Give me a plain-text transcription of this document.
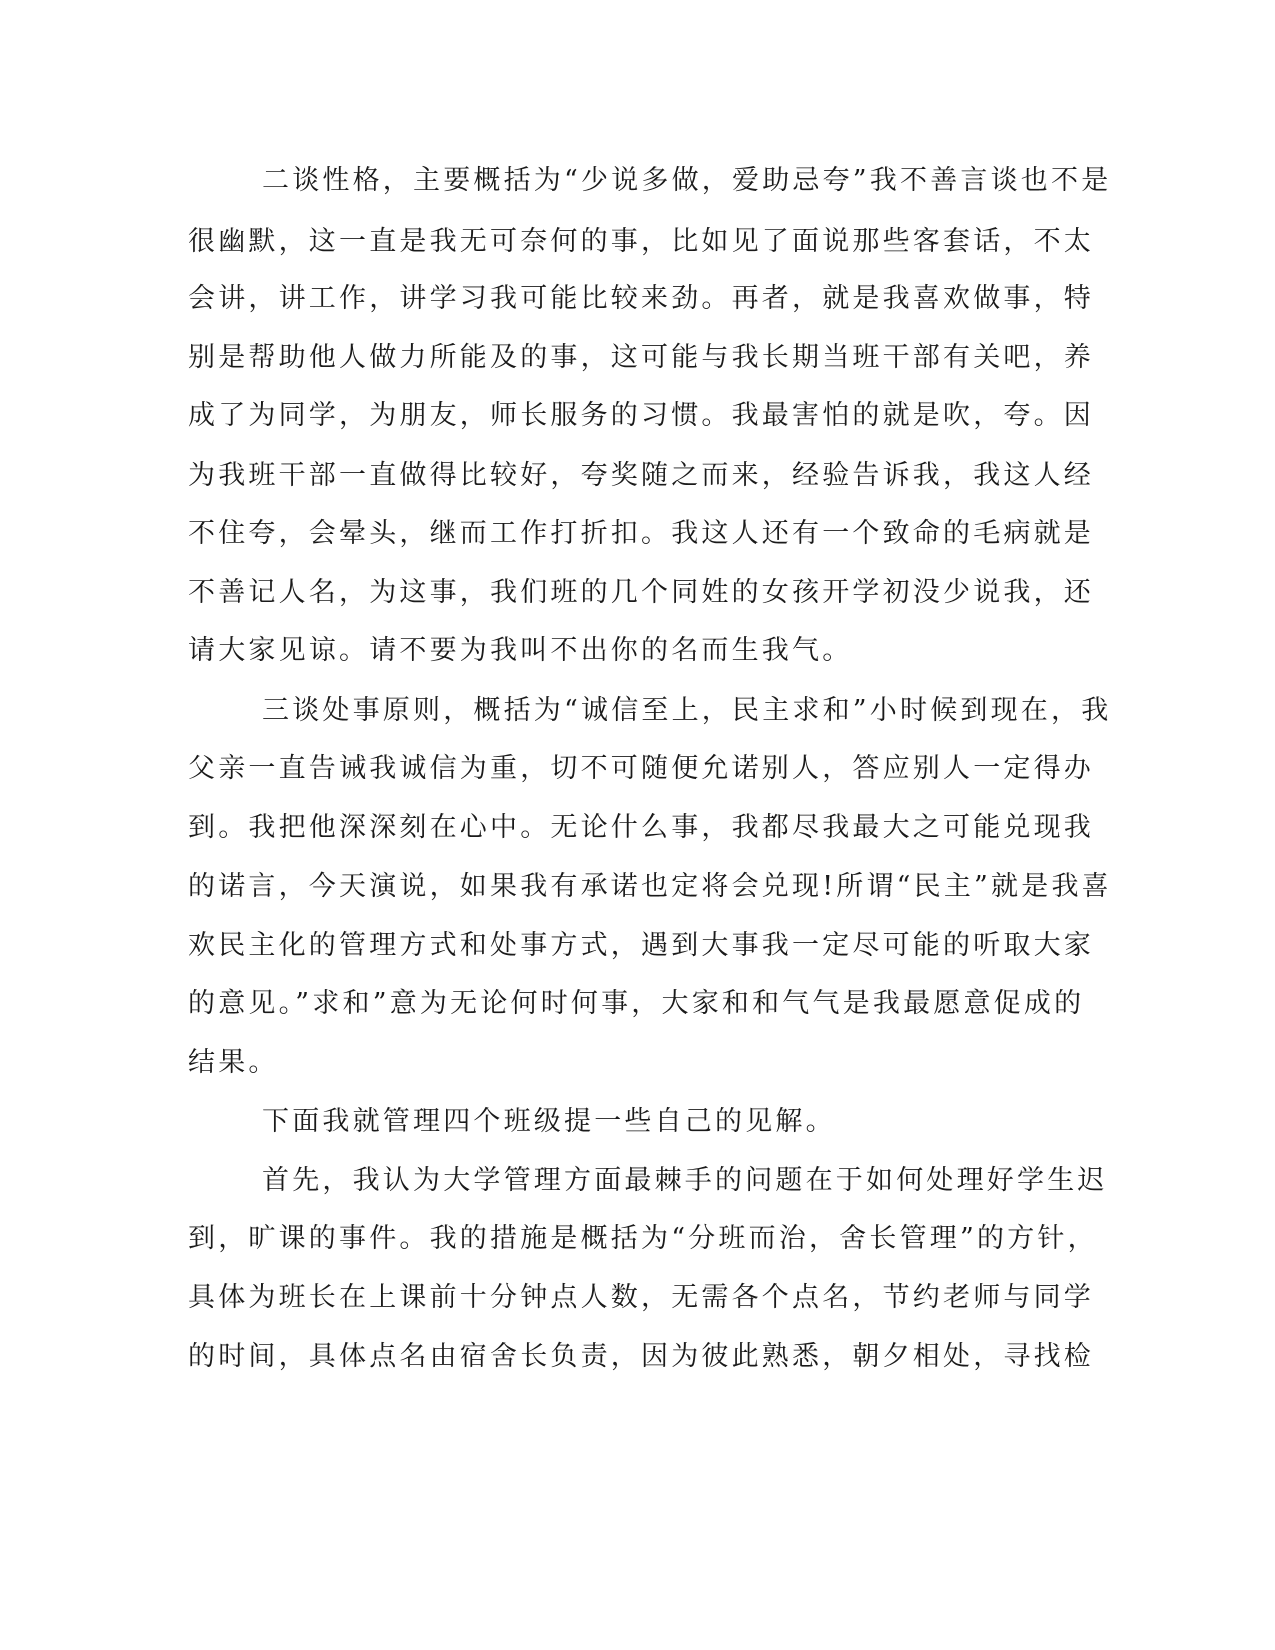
二谈性格，主要概括为“少说多做，爱助忌夸”我不善言谈也不是
很幽默，这一直是我无可奈何的事，比如见了面说那些客套话，不太
会讲，讲工作，讲学习我可能比较来劲。再者，就是我喜欢做事，特
别是帮助他人做力所能及的事，这可能与我长期当班干部有关吧，养
成了为同学，为朋友，师长服务的习惯。我最害怕的就是吹，夸。因
为我班干部一直做得比较好，夸奖随之而来，经验告诉我，我这人经
不住夸，会晕头，继而工作打折扣。我这人还有一个致命的毛病就是
不善记人名，为这事，我们班的几个同姓的女孩开学初没少说我，还
请大家见谅。请不要为我叫不出你的名而生我气。
三谈处事原则，概括为“诚信至上，民主求和”小时候到现在，我
父亲一直告诫我诚信为重，切不可随便允诺别人，答应别人一定得办
到。我把他深深刻在心中。无论什么事，我都尽我最大之可能兑现我
的诺言，今天演说，如果我有承诺也定将会兑现!所谓“民主”就是我喜
欢民主化的管理方式和处事方式，遇到大事我一定尽可能的听取大家
的意见。”求和”意为无论何时何事，大家和和气气是我最愿意促成的
结果。
下面我就管理四个班级提一些自己的见解。
首先，我认为大学管理方面最棘手的问题在于如何处理好学生迟
到，旷课的事件。我的措施是概括为“分班而治，舍长管理”的方针，
具体为班长在上课前十分钟点人数，无需各个点名，节约老师与同学
的时间，具体点名由宿舍长负责，因为彼此熟悉，朝夕相处，寻找检
